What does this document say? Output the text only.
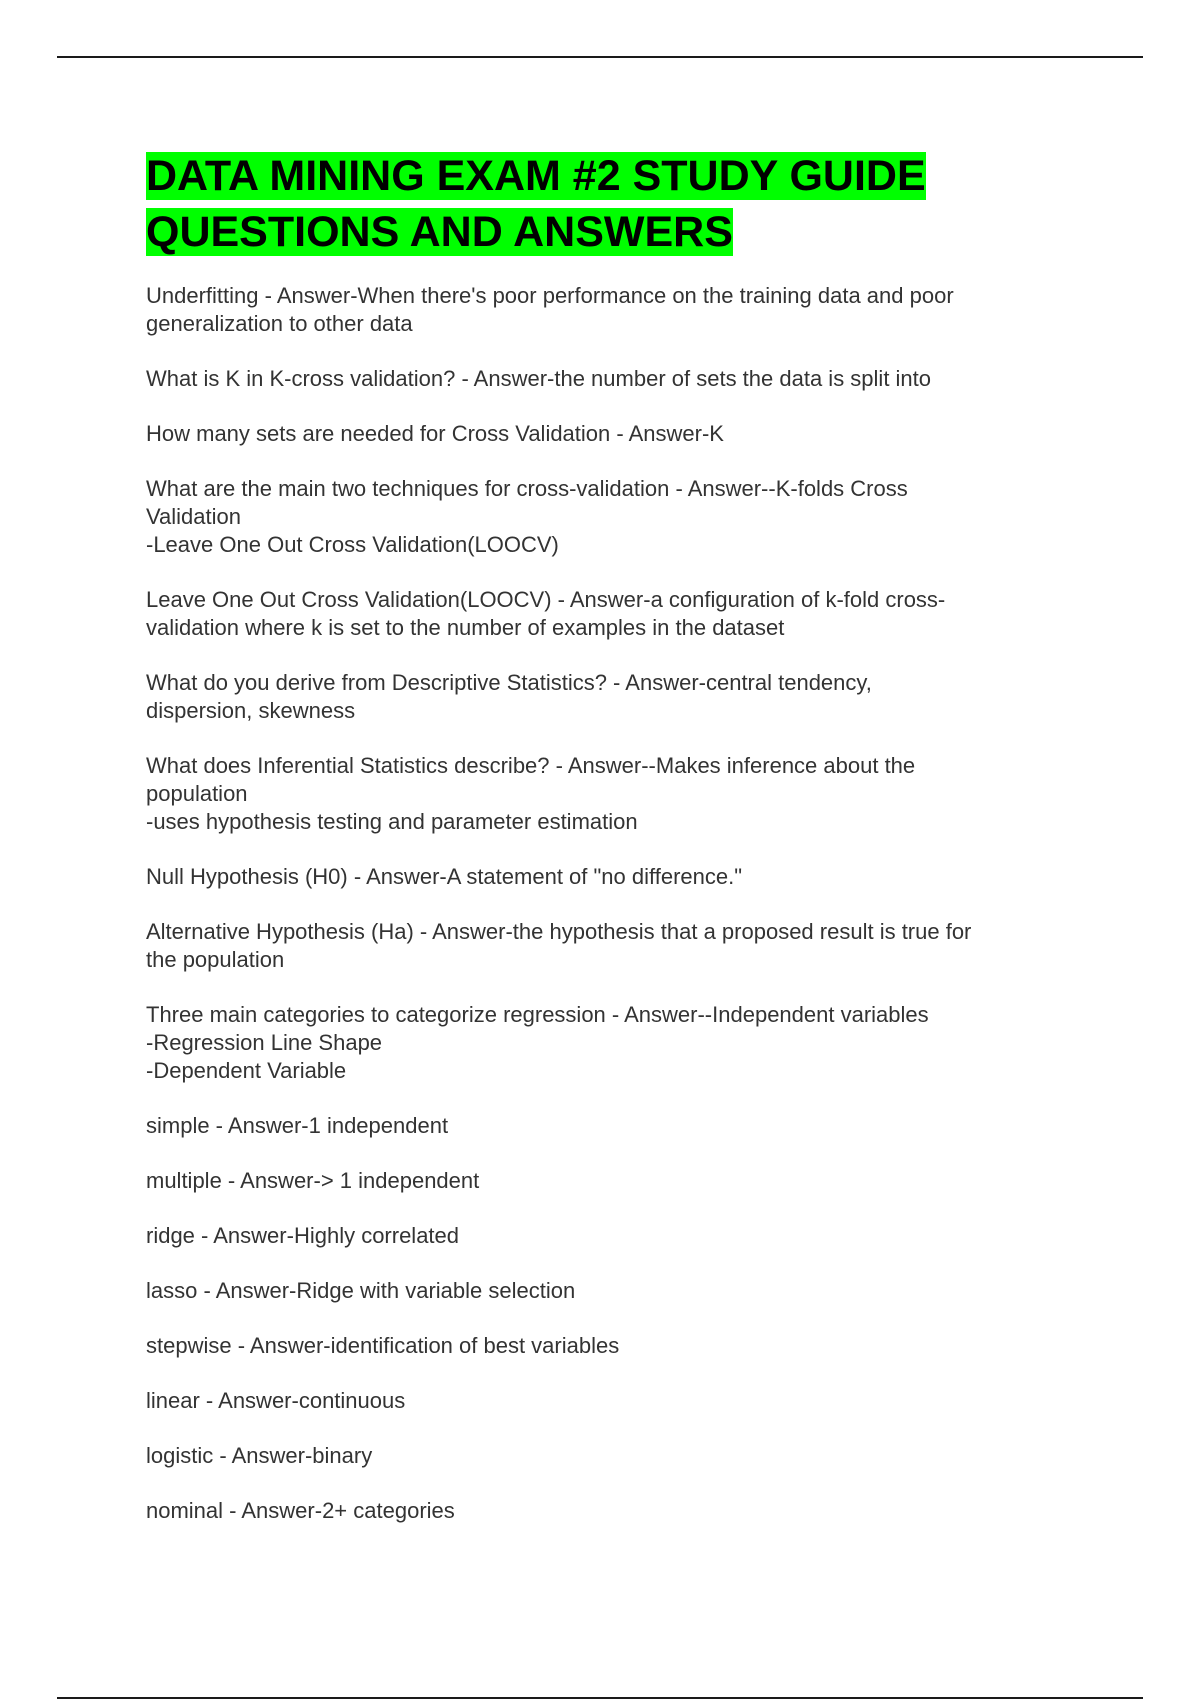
DATA MINING EXAM #2 STUDY GUIDE
QUESTIONS AND ANSWERS

Underfitting - Answer-When there's poor performance on the training data and poor
generalization to other data

What is K in K-cross validation? - Answer-the number of sets the data is split into

How many sets are needed for Cross Validation - Answer-K

What are the main two techniques for cross-validation - Answer--K-folds Cross
Validation
-Leave One Out Cross Validation(LOOCV)

Leave One Out Cross Validation(LOOCV) - Answer-a configuration of k-fold cross-
validation where k is set to the number of examples in the dataset

What do you derive from Descriptive Statistics? - Answer-central tendency,
dispersion, skewness

What does Inferential Statistics describe? - Answer--Makes inference about the
population
-uses hypothesis testing and parameter estimation

Null Hypothesis (H0) - Answer-A statement of "no difference."

Alternative Hypothesis (Ha) - Answer-the hypothesis that a proposed result is true for
the population

Three main categories to categorize regression - Answer--Independent variables
-Regression Line Shape
-Dependent Variable

simple - Answer-1 independent

multiple - Answer-> 1 independent

ridge - Answer-Highly correlated

lasso - Answer-Ridge with variable selection

stepwise - Answer-identification of best variables

linear - Answer-continuous

logistic - Answer-binary

nominal - Answer-2+ categories
